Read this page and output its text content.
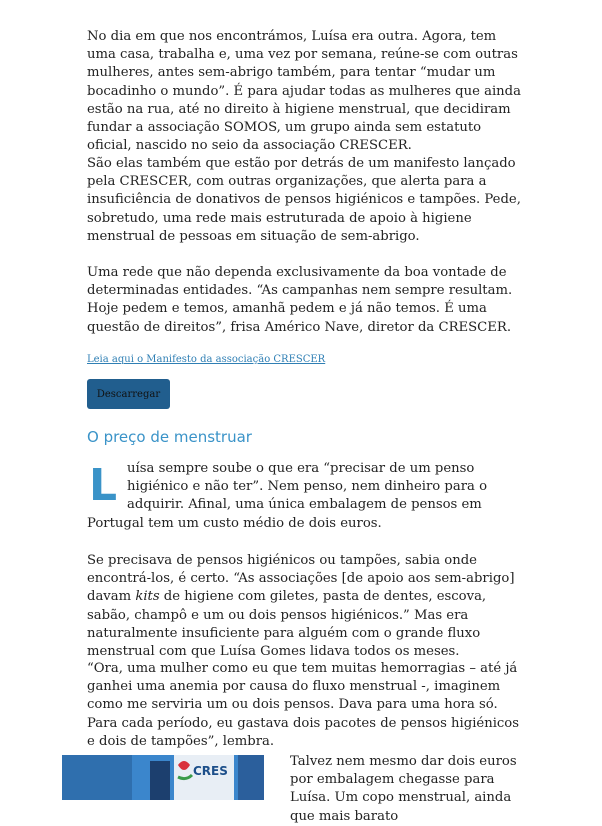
No dia em que nos encontrámos, Luísa era outra. Agora, tem uma casa, trabalha e, uma vez por semana, reúne-se com outras mulheres, antes sem-abrigo também, para tentar “mudar um bocadinho o mundo”. É para ajudar todas as mulheres que ainda estão na rua, até no direito à higiene menstrual, que decidiram fundar a associação SOMOS, um grupo ainda sem estatuto oficial, nascido no seio da associação CRESCER.

São elas também que estão por detrás de um manifesto lançado pela CRESCER, com outras organizações, que alerta para a insuficiência de donativos de pensos higiénicos e tampões. Pede, sobretudo, uma rede mais estruturada de apoio à higiene menstrual de pessoas em situação de sem-abrigo.

Uma rede que não dependa exclusivamente da boa vontade de determinadas entidades. “As campanhas nem sempre resultam. Hoje pedem e temos, amanhã pedem e já não temos. É uma questão de direitos”, frisa Américo Nave, diretor da CRESCER.

Leia aqui o Manifesto da associação CRESCER
Descarregar
O preço de menstruar

L uísa sempre soube o que era “precisar de um penso higiénico e não ter”. Nem penso, nem dinheiro para o adquirir. Afinal, uma única embalagem de pensos em Portugal tem um custo médio de dois euros.

Se precisava de pensos higiénicos ou tampões, sabia onde encontrá-los, é certo. “As associações [de apoio aos sem-abrigo] davam kits de higiene com giletes, pasta de dentes, escova, sabão, champô e um ou dois pensos higiénicos.” Mas era naturalmente insuficiente para alguém com o grande fluxo menstrual com que Luísa Gomes lidava todos os meses.

“Ora, uma mulher como eu que tem muitas hemorragias – até já ganhei uma anemia por causa do fluxo menstrual -, imaginem como me serviria um ou dois pensos. Dava para uma hora só. Para cada período, eu gastava dois pacotes de pensos higiénicos e dois de tampões”, lembra.

CRES

Talvez nem mesmo dar dois euros por embalagem chegasse para Luísa. Um copo menstrual, ainda que mais barato
